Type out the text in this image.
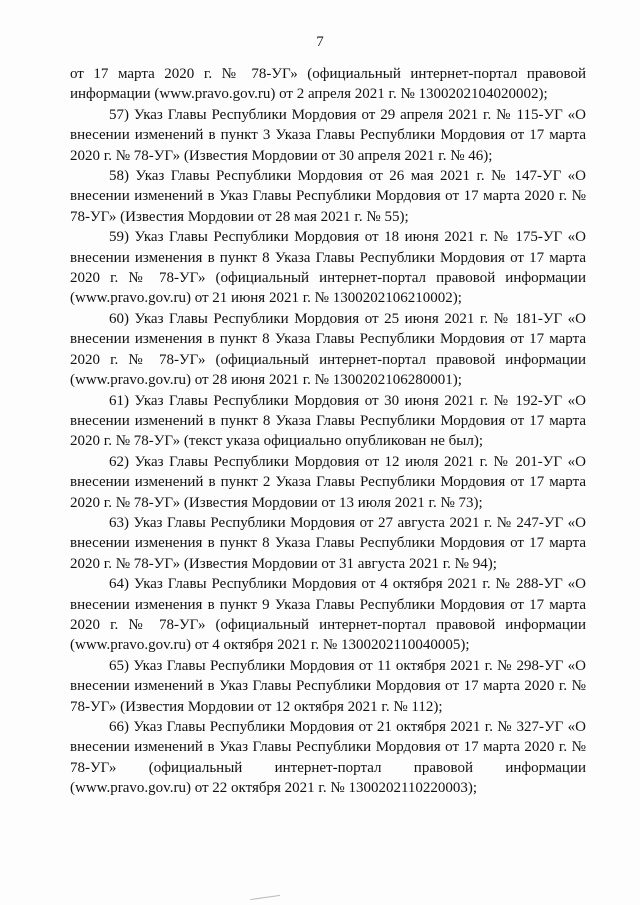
7

от 17 марта 2020 г. № 78-УГ» (официальный интернет-портал правовой информации (www.pravo.gov.ru) от 2 апреля 2021 г. № 1300202104020002);

57) Указ Главы Республики Мордовия от 29 апреля 2021 г. № 115-УГ «О внесении изменений в пункт 3 Указа Главы Республики Мордовия от 17 марта 2020 г. № 78-УГ» (Известия Мордовии от 30 апреля 2021 г. № 46);

58) Указ Главы Республики Мордовия от 26 мая 2021 г. № 147-УГ «О внесении изменений в Указ Главы Республики Мордовия от 17 марта 2020 г. № 78-УГ» (Известия Мордовии от 28 мая 2021 г. № 55);

59) Указ Главы Республики Мордовия от 18 июня 2021 г. № 175-УГ «О внесении изменения в пункт 8 Указа Главы Республики Мордовия от 17 марта 2020 г. № 78-УГ» (официальный интернет-портал правовой информации (www.pravo.gov.ru) от 21 июня 2021 г. № 1300202106210002);

60) Указ Главы Республики Мордовия от 25 июня 2021 г. № 181-УГ «О внесении изменения в пункт 8 Указа Главы Республики Мордовия от 17 марта 2020 г. № 78-УГ» (официальный интернет-портал правовой информации (www.pravo.gov.ru) от 28 июня 2021 г. № 1300202106280001);

61) Указ Главы Республики Мордовия от 30 июня 2021 г. № 192-УГ «О внесении изменений в пункт 8 Указа Главы Республики Мордовия от 17 марта 2020 г. № 78-УГ» (текст указа официально опубликован не был);

62) Указ Главы Республики Мордовия от 12 июля 2021 г. № 201-УГ «О внесении изменений в пункт 2 Указа Главы Республики Мордовия от 17 марта 2020 г. № 78-УГ» (Известия Мордовии от 13 июля 2021 г. № 73);

63) Указ Главы Республики Мордовия от 27 августа 2021 г. № 247-УГ «О внесении изменения в пункт 8 Указа Главы Республики Мордовия от 17 марта 2020 г. № 78-УГ» (Известия Мордовии от 31 августа 2021 г. № 94);

64) Указ Главы Республики Мордовия от 4 октября 2021 г. № 288-УГ «О внесении изменения в пункт 9 Указа Главы Республики Мордовия от 17 марта 2020 г. № 78-УГ» (официальный интернет-портал правовой информации (www.pravo.gov.ru) от 4 октября 2021 г. № 1300202110040005);

65) Указ Главы Республики Мордовия от 11 октября 2021 г. № 298-УГ «О внесении изменений в Указ Главы Республики Мордовия от 17 марта 2020 г. № 78-УГ» (Известия Мордовии от 12 октября 2021 г. № 112);

66) Указ Главы Республики Мордовия от 21 октября 2021 г. № 327-УГ «О внесении изменений в Указ Главы Республики Мордовия от 17 марта 2020 г. № 78-УГ» (официальный интернет-портал правовой информации (www.pravo.gov.ru) от 22 октября 2021 г. № 1300202110220003);
